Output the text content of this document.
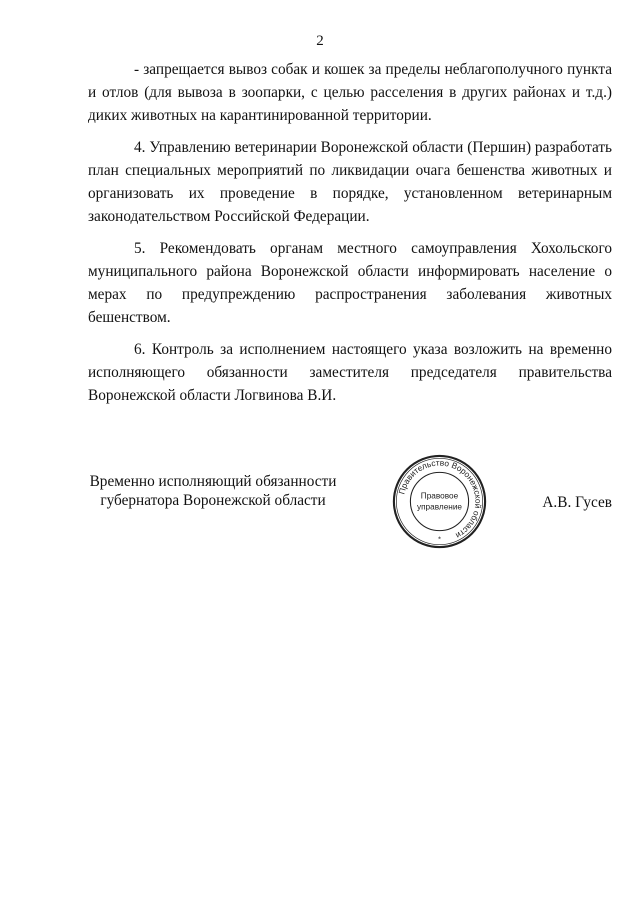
2

- запрещается вывоз собак и кошек за пределы неблагополучного пункта и отлов (для вывоза в зоопарки, с целью расселения в других районах и т.д.) диких животных на карантинированной территории.

4. Управлению ветеринарии Воронежской области (Першин) разработать план специальных мероприятий по ликвидации очага бешенства животных и организовать их проведение в порядке, установленном ветеринарным законодательством Российской Федерации.

5. Рекомендовать органам местного самоуправления Хохольского муниципального района Воронежской области информировать население о мерах по предупреждению распространения заболевания животных бешенством.

6. Контроль за исполнением настоящего указа возложить на временно исполняющего обязанности заместителя председателя правительства Воронежской области Логвинова В.И.

Временно исполняющий обязанности
губернатора Воронежской области
Правительство Воронежской области
Правовое
управление
*
А.В. Гусев
